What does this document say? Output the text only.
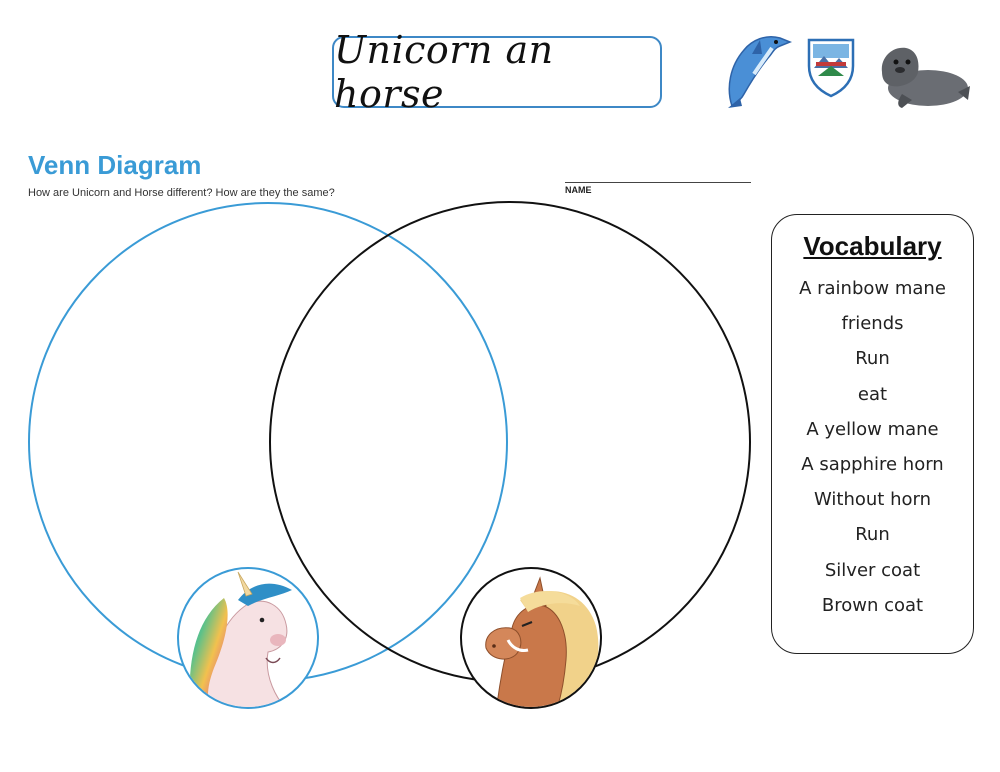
Unicorn an horse
Venn Diagram
How are Unicorn and Horse different? How are they the same?	NAME
Vocabulary
A rainbow mane
friends
Run
eat
A yellow mane
A sapphire horn
Without horn
Run
Silver coat
Brown coat
